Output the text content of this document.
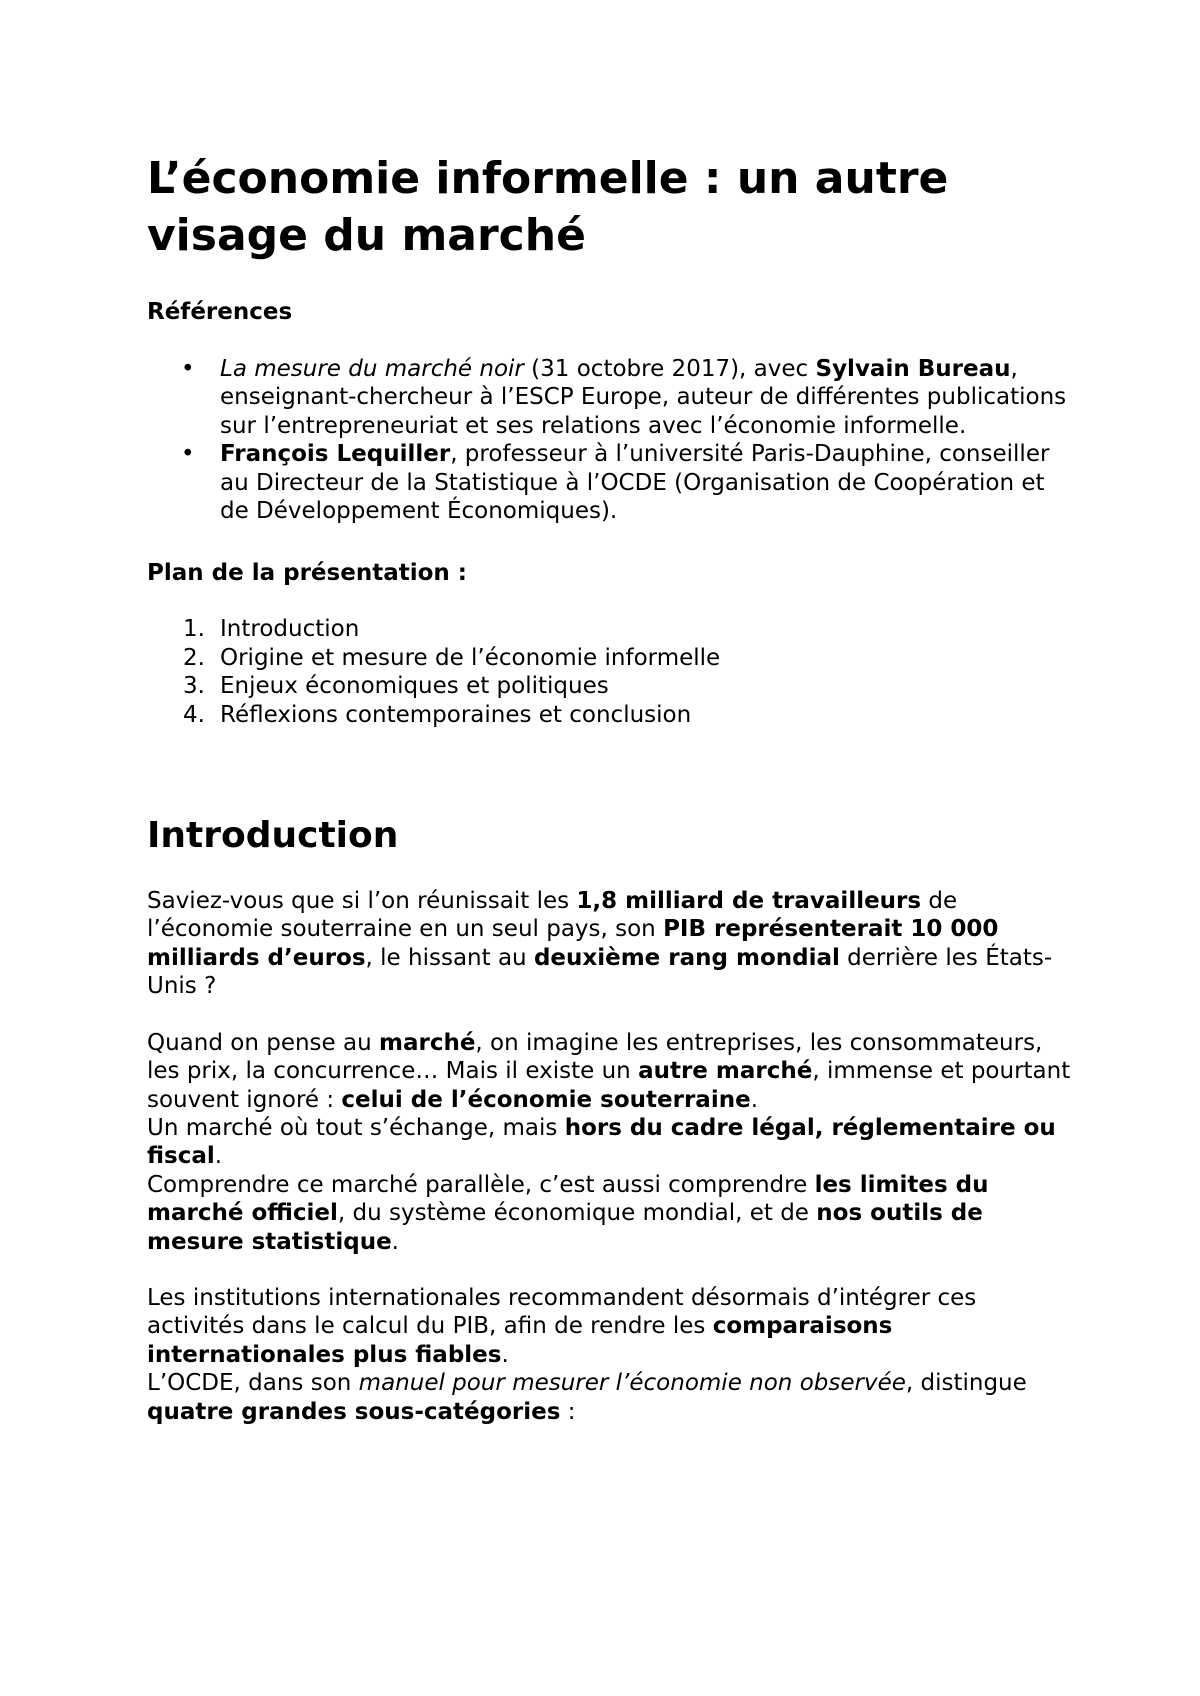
L’économie informelle : un autre visage du marché
Références
• La mesure du marché noir (31 octobre 2017), avec Sylvain Bureau, enseignant-chercheur à l’ESCP Europe, auteur de différentes publications sur l’entrepreneuriat et ses relations avec l’économie informelle.
• François Lequiller, professeur à l’université Paris-Dauphine, conseiller au Directeur de la Statistique à l’OCDE (Organisation de Coopération et de Développement Économiques).
Plan de la présentation :
1. Introduction
2. Origine et mesure de l’économie informelle
3. Enjeux économiques et politiques
4. Réflexions contemporaines et conclusion
Introduction

Saviez-vous que si l’on réunissait les 1,8 milliard de travailleurs de l’économie souterraine en un seul pays, son PIB représenterait 10 000 milliards d’euros, le hissant au deuxième rang mondial derrière les États-Unis ?

Quand on pense au marché, on imagine les entreprises, les consommateurs, les prix, la concurrence… Mais il existe un autre marché, immense et pourtant souvent ignoré : celui de l’économie souterraine.

Un marché où tout s’échange, mais hors du cadre légal, réglementaire ou fiscal.

Comprendre ce marché parallèle, c’est aussi comprendre les limites du marché officiel, du système économique mondial, et de nos outils de mesure statistique.

Les institutions internationales recommandent désormais d’intégrer ces activités dans le calcul du PIB, afin de rendre les comparaisons internationales plus fiables.

L’OCDE, dans son manuel pour mesurer l’économie non observée, distingue quatre grandes sous-catégories :
